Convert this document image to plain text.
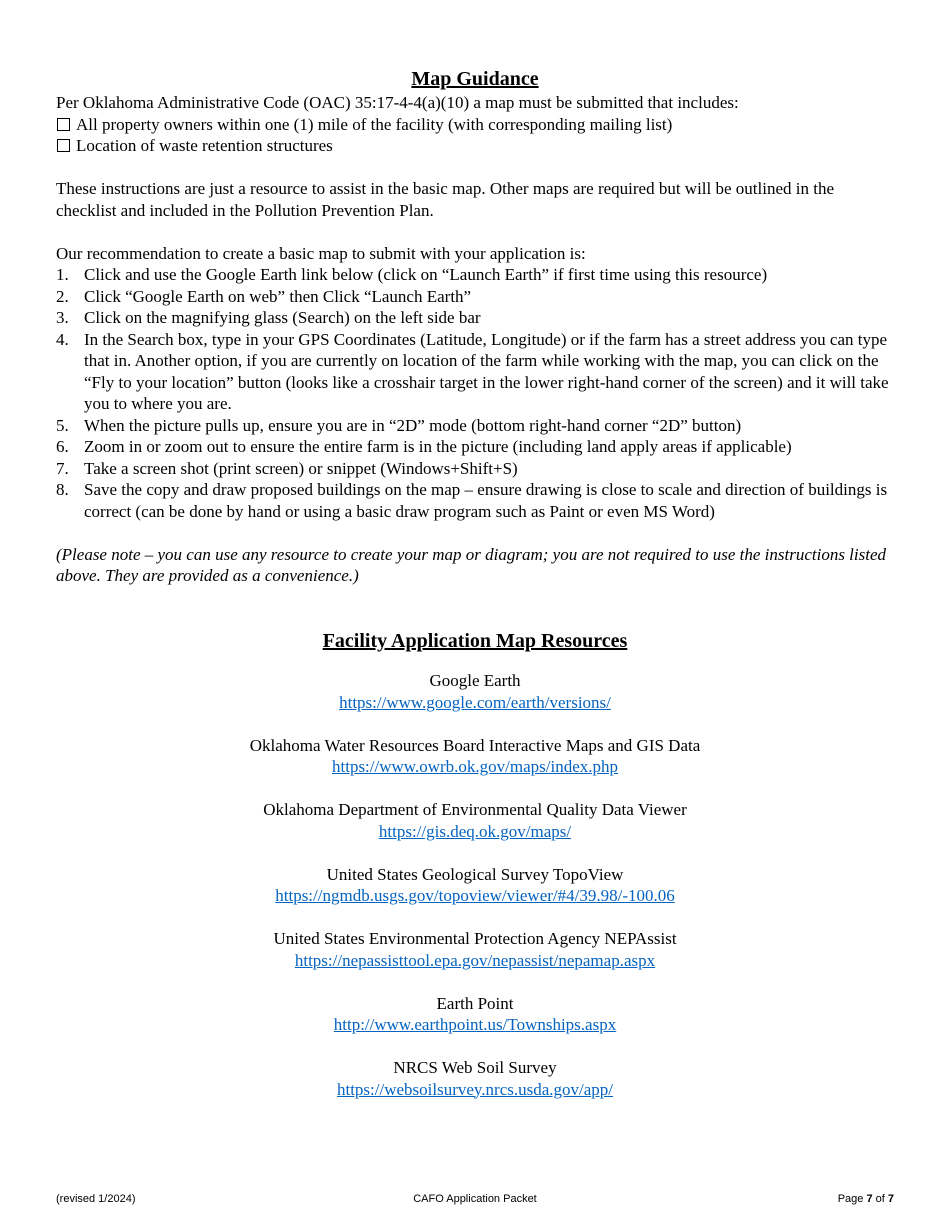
Map Guidance

Per Oklahoma Administrative Code (OAC) 35:17-4-4(a)(10) a map must be submitted that includes:

All property owners within one (1) mile of the facility (with corresponding mailing list)
Location of waste retention structures

These instructions are just a resource to assist in the basic map. Other maps are required but will be outlined in the checklist and included in the Pollution Prevention Plan.

Our recommendation to create a basic map to submit with your application is:

1. Click and use the Google Earth link below (click on “Launch Earth” if first time using this resource)
2. Click “Google Earth on web” then Click “Launch Earth”
3. Click on the magnifying glass (Search) on the left side bar
4. In the Search box, type in your GPS Coordinates (Latitude, Longitude) or if the farm has a street address you can type that in. Another option, if you are currently on location of the farm while working with the map, you can click on the “Fly to your location” button (looks like a crosshair target in the lower right-hand corner of the screen) and it will take you to where you are.
5. When the picture pulls up, ensure you are in “2D” mode (bottom right-hand corner “2D” button)
6. Zoom in or zoom out to ensure the entire farm is in the picture (including land apply areas if applicable)
7. Take a screen shot (print screen) or snippet (Windows+Shift+S)
8. Save the copy and draw proposed buildings on the map – ensure drawing is close to scale and direction of buildings is correct (can be done by hand or using a basic draw program such as Paint or even MS Word)

(Please note – you can use any resource to create your map or diagram; you are not required to use the instructions listed above. They are provided as a convenience.)

Facility Application Map Resources
Google Earth
https://www.google.com/earth/versions/
Oklahoma Water Resources Board Interactive Maps and GIS Data
https://www.owrb.ok.gov/maps/index.php
Oklahoma Department of Environmental Quality Data Viewer
https://gis.deq.ok.gov/maps/
United States Geological Survey TopoView
https://ngmdb.usgs.gov/topoview/viewer/#4/39.98/-100.06
United States Environmental Protection Agency NEPAssist
https://nepassisttool.epa.gov/nepassist/nepamap.aspx
Earth Point
http://www.earthpoint.us/Townships.aspx
NRCS Web Soil Survey
https://websoilsurvey.nrcs.usda.gov/app/
(revised 1/2024)	CAFO Application Packet	Page 7 of 7
